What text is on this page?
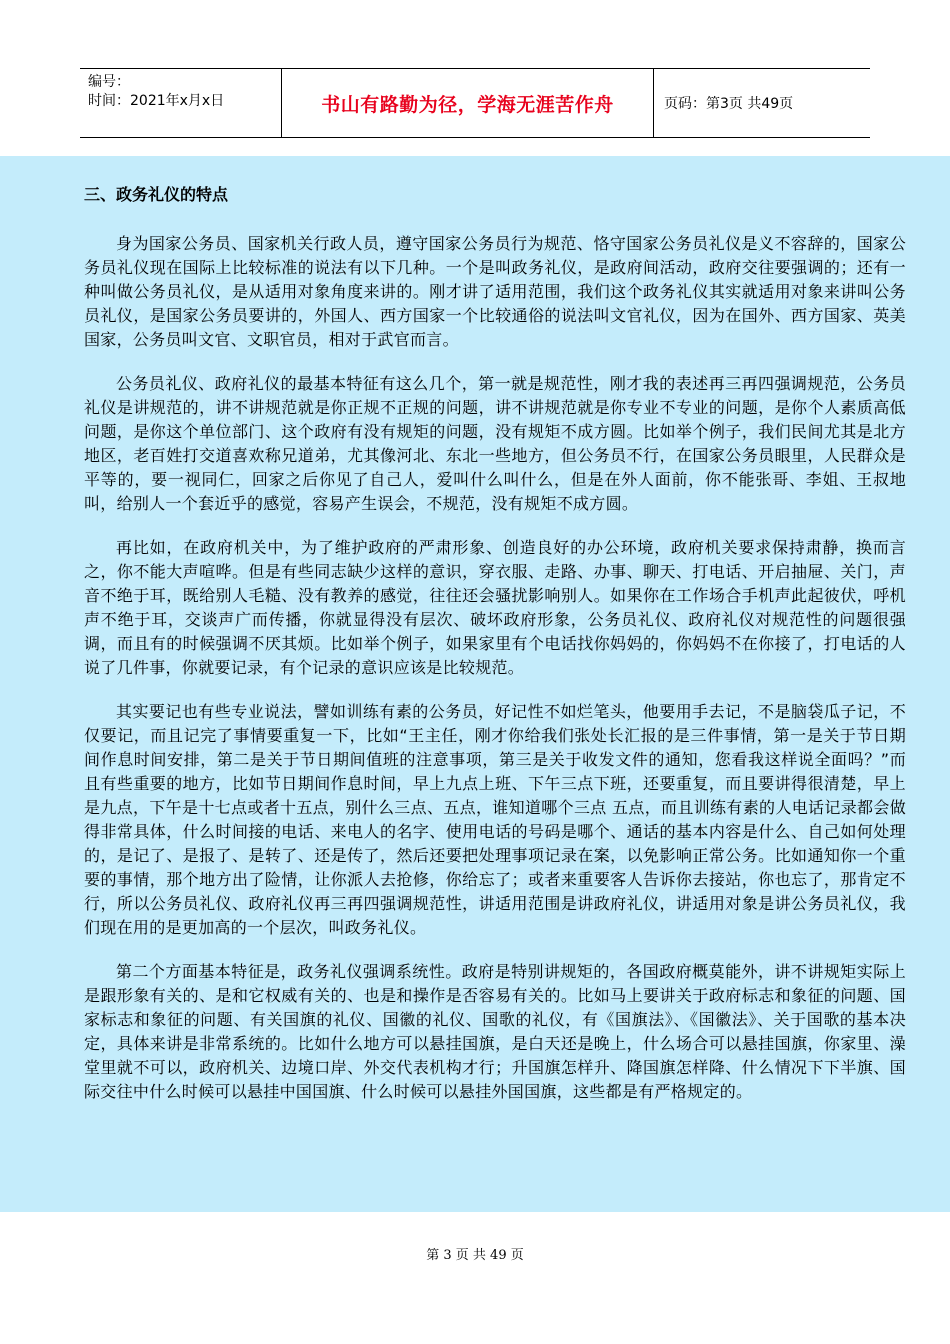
编号：
时间：2021年x月x日	书山有路勤为径，学海无涯苦作舟	页码：第3页 共49页
三、政务礼仪的特点

身为国家公务员、国家机关行政人员，遵守国家公务员行为规范、恪守国家公务员礼仪是义不容辞的，国家公务员礼仪现在国际上比较标准的说法有以下几种。一个是叫政务礼仪，是政府间活动，政府交往要强调的；还有一种叫做公务员礼仪，是从适用对象角度来讲的。刚才讲了适用范围，我们这个政务礼仪其实就适用对象来讲叫公务员礼仪，是国家公务员要讲的，外国人、西方国家一个比较通俗的说法叫文官礼仪，因为在国外、西方国家、英美国家，公务员叫文官、文职官员，相对于武官而言。

公务员礼仪、政府礼仪的最基本特征有这么几个，第一就是规范性，刚才我的表述再三再四强调规范，公务员礼仪是讲规范的，讲不讲规范就是你正规不正规的问题，讲不讲规范就是你专业不专业的问题，是你个人素质高低问题，是你这个单位部门、这个政府有没有规矩的问题，没有规矩不成方圆。比如举个例子，我们民间尤其是北方地区，老百姓打交道喜欢称兄道弟，尤其像河北、东北一些地方，但公务员不行，在国家公务员眼里，人民群众是平等的，要一视同仁，回家之后你见了自己人，爱叫什么叫什么，但是在外人面前，你不能张哥、李姐、王叔地叫，给别人一个套近乎的感觉，容易产生误会，不规范，没有规矩不成方圆。

再比如，在政府机关中，为了维护政府的严肃形象、创造良好的办公环境，政府机关要求保持肃静，换而言之，你不能大声喧哗。但是有些同志缺少这样的意识，穿衣服、走路、办事、聊天、打电话、开启抽屉、关门，声音不绝于耳，既给别人毛糙、没有教养的感觉，往往还会骚扰影响别人。如果你在工作场合手机声此起彼伏，呼机声不绝于耳，交谈声广而传播，你就显得没有层次、破坏政府形象，公务员礼仪、政府礼仪对规范性的问题很强调，而且有的时候强调不厌其烦。比如举个例子，如果家里有个电话找你妈妈的，你妈妈不在你接了，打电话的人说了几件事，你就要记录，有个记录的意识应该是比较规范。

其实要记也有些专业说法，譬如训练有素的公务员，好记性不如烂笔头，他要用手去记，不是脑袋瓜子记，不仅要记，而且记完了事情要重复一下，比如“王主任，刚才你给我们张处长汇报的是三件事情，第一是关于节日期间作息时间安排，第二是关于节日期间值班的注意事项，第三是关于收发文件的通知，您看我这样说全面吗？”而且有些重要的地方，比如节日期间作息时间，早上九点上班、下午三点下班，还要重复，而且要讲得很清楚，早上是九点，下午是十七点或者十五点，别什么三点、五点，谁知道哪个三点 五点，而且训练有素的人电话记录都会做得非常具体，什么时间接的电话、来电人的名字、使用电话的号码是哪个、通话的基本内容是什么、自己如何处理的，是记了、是报了、是转了、还是传了，然后还要把处理事项记录在案，以免影响正常公务。比如通知你一个重要的事情，那个地方出了险情，让你派人去抢修，你给忘了；或者来重要客人告诉你去接站，你也忘了，那肯定不行，所以公务员礼仪、政府礼仪再三再四强调规范性，讲适用范围是讲政府礼仪，讲适用对象是讲公务员礼仪，我们现在用的是更加高的一个层次，叫政务礼仪。

第二个方面基本特征是，政务礼仪强调系统性。政府是特别讲规矩的，各国政府概莫能外，讲不讲规矩实际上是跟形象有关的、是和它权威有关的、也是和操作是否容易有关的。比如马上要讲关于政府标志和象征的问题、国家标志和象征的问题、有关国旗的礼仪、国徽的礼仪、国歌的礼仪，有《国旗法》、《国徽法》、关于国歌的基本决定，具体来讲是非常系统的。比如什么地方可以悬挂国旗，是白天还是晚上，什么场合可以悬挂国旗，你家里、澡堂里就不可以，政府机关、边境口岸、外交代表机构才行；升国旗怎样升、降国旗怎样降、什么情况下下半旗、国际交往中什么时候可以悬挂中国国旗、什么时候可以悬挂外国国旗，这些都是有严格规定的。

第 3 页 共 49 页
